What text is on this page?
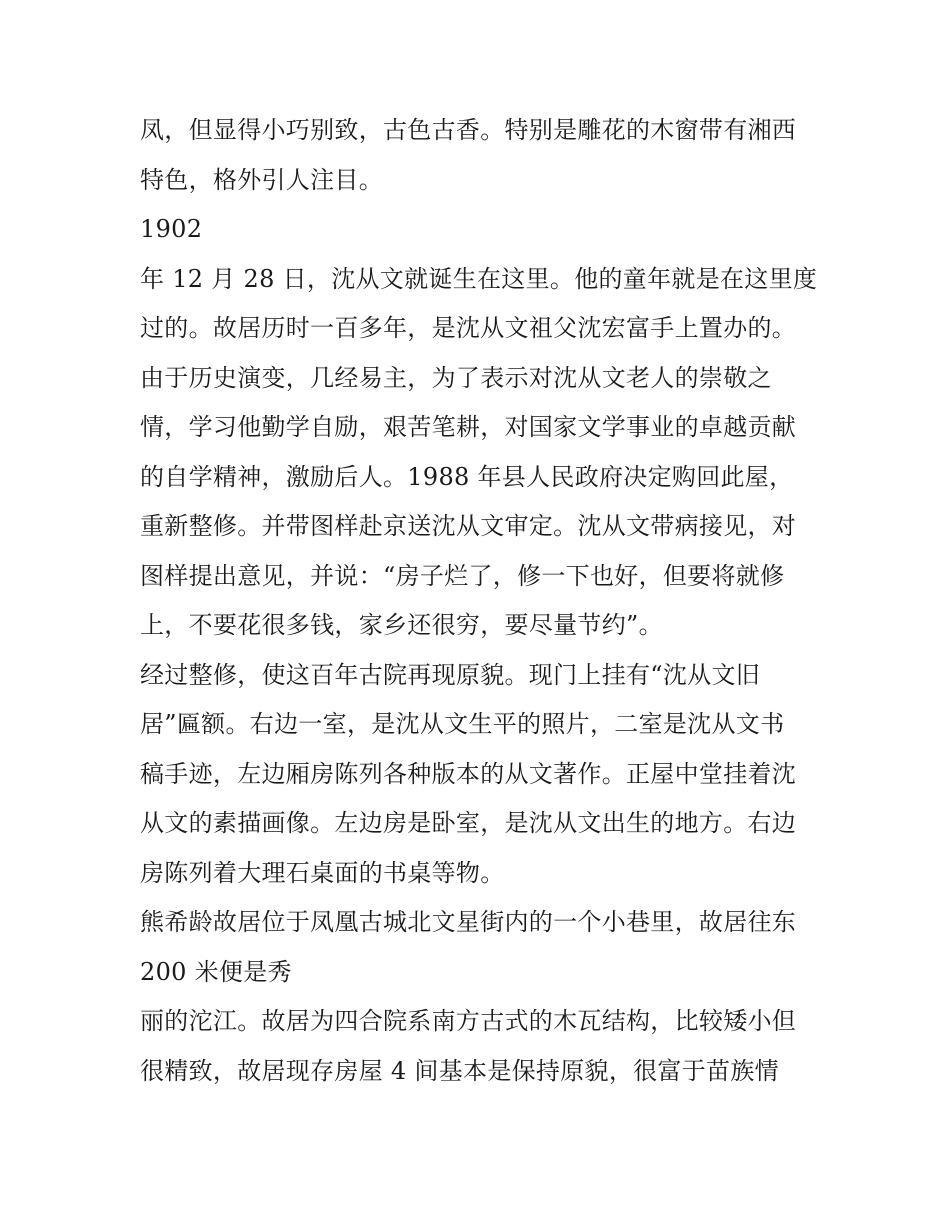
凤，但显得小巧别致，古色古香。特别是雕花的木窗带有湘西
特色，格外引人注目。
1902
年 12 月 28 日，沈从文就诞生在这里。他的童年就是在这里度
过的。故居历时一百多年，是沈从文祖父沈宏富手上置办的。
由于历史演变，几经易主，为了表示对沈从文老人的崇敬之
情，学习他勤学自励，艰苦笔耕，对国家文学事业的卓越贡献
的自学精神，激励后人。1988 年县人民政府决定购回此屋，
重新整修。并带图样赴京送沈从文审定。沈从文带病接见，对
图样提出意见，并说：“房子烂了，修一下也好，但要将就修
上，不要花很多钱，家乡还很穷，要尽量节约”。
经过整修，使这百年古院再现原貌。现门上挂有“沈从文旧
居”匾额。右边一室，是沈从文生平的照片，二室是沈从文书
稿手迹，左边厢房陈列各种版本的从文著作。正屋中堂挂着沈
从文的素描画像。左边房是卧室，是沈从文出生的地方。右边
房陈列着大理石桌面的书桌等物。
熊希龄故居位于凤凰古城北文星街内的一个小巷里，故居往东
200 米便是秀
丽的沱江。故居为四合院系南方古式的木瓦结构，比较矮小但
很精致，故居现存房屋 4 间基本是保持原貌，很富于苗族情
